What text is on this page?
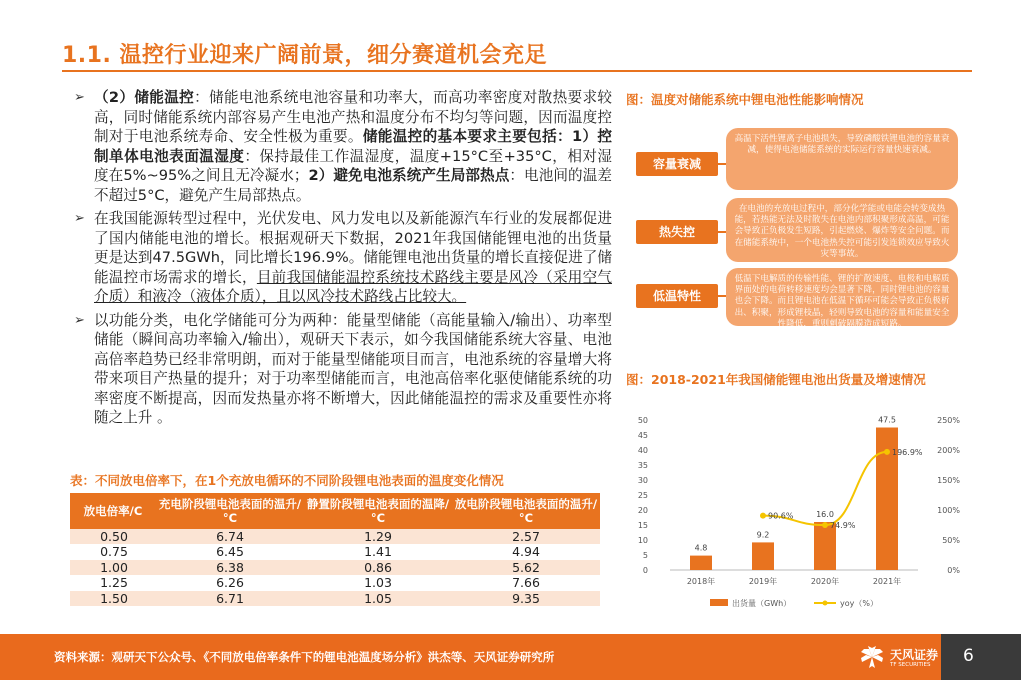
1.1. 温控行业迎来广阔前景，细分赛道机会充足
➢ （2）储能温控：储能电池系统电池容量和功率大，而高功率密度对散热要求较高，同时储能系统内部容易产生电池产热和温度分布不均匀等问题，因而温度控制对于电池系统寿命、安全性极为重要。储能温控的基本要求主要包括：1）控制单体电池表面温湿度：保持最佳工作温湿度，温度+15°C至+35°C，相对湿度在5%~95%之间且无冷凝水；2）避免电池系统产生局部热点：电池间的温差不超过5°C，避免产生局部热点。
➢ 在我国能源转型过程中，光伏发电、风力发电以及新能源汽车行业的发展都促进了国内储能电池的增长。根据观研天下数据，2021年我国储能锂电池的出货量更是达到47.5GWh，同比增长196.9%。储能锂电池出货量的增长直接促进了储能温控市场需求的增长，目前我国储能温控系统技术路线主要是风冷（采用空气介质）和液冷（液体介质），且以风冷技术路线占比较大。
➢ 以功能分类，电化学储能可分为两种：能量型储能（高能量输入/输出）、功率型储能（瞬间高功率输入/输出），观研天下表示，如今我国储能系统大容量、电池高倍率趋势已经非常明朗，而对于能量型储能项目而言，电池系统的容量增大将带来项目产热量的提升；对于功率型储能而言，电池高倍率化驱使储能系统的功率密度不断提高，因而发热量亦将不断增大，因此储能温控的需求及重要性亦将随之上升 。
表：不同放电倍率下，在1个充放电循环的不同阶段锂电池表面的温度变化情况
放电倍率/C	充电阶段锂电池表面的温升/°C	静置阶段锂电池表面的温降/°C	放电阶段锂电池表面的温升/°C
0.50	6.74	1.29	2.57
0.75	6.45	1.41	4.94
1.00	6.38	0.86	5.62
1.25	6.26	1.03	7.66
1.50	6.71	1.05	9.35
图：温度对储能系统中锂电池性能影响情况
容量衰减
高温下活性锂离子电池损失，导致磷酸铁锂电池的容量衰减，使得电池储能系统的实际运行容量快速衰减。
热失控
在电池的充放电过程中，部分化学能或电能会转变成热能，若热能无法及时散失在电池内部积聚形成高温，可能会导致正负极发生短路，引起燃烧、爆炸等安全问题。而在储能系统中，一个电池热失控可能引发连锁效应导致火灾等事故。
低温特性
低温下电解质的传输性能、锂的扩散速度、电极和电解质界面处的电荷转移速度均会显著下降，同时锂电池的容量也会下降。而且锂电池在低温下循环可能会导致正负极析出、积聚，形成锂枝晶，轻则导致电池的容量和能量安全性降低，重则刺破隔膜造成短路。
图：2018-2021年我国储能锂电池出货量及增速情况
0
5
10
15
20
25
30
35
40
45
50
0%
50%
100%
150%
200%
250%
4.8
2018年
9.2
2019年
16.0
2020年
47.5
2021年
90.6%
74.9%
196.9%
出货量（GWh）	yoy（%）
资料来源：观研天下公众号、《不同放电倍率条件下的锂电池温度场分析》洪杰等、天风证券研究所	天风证券
TF SECURITIES 6
